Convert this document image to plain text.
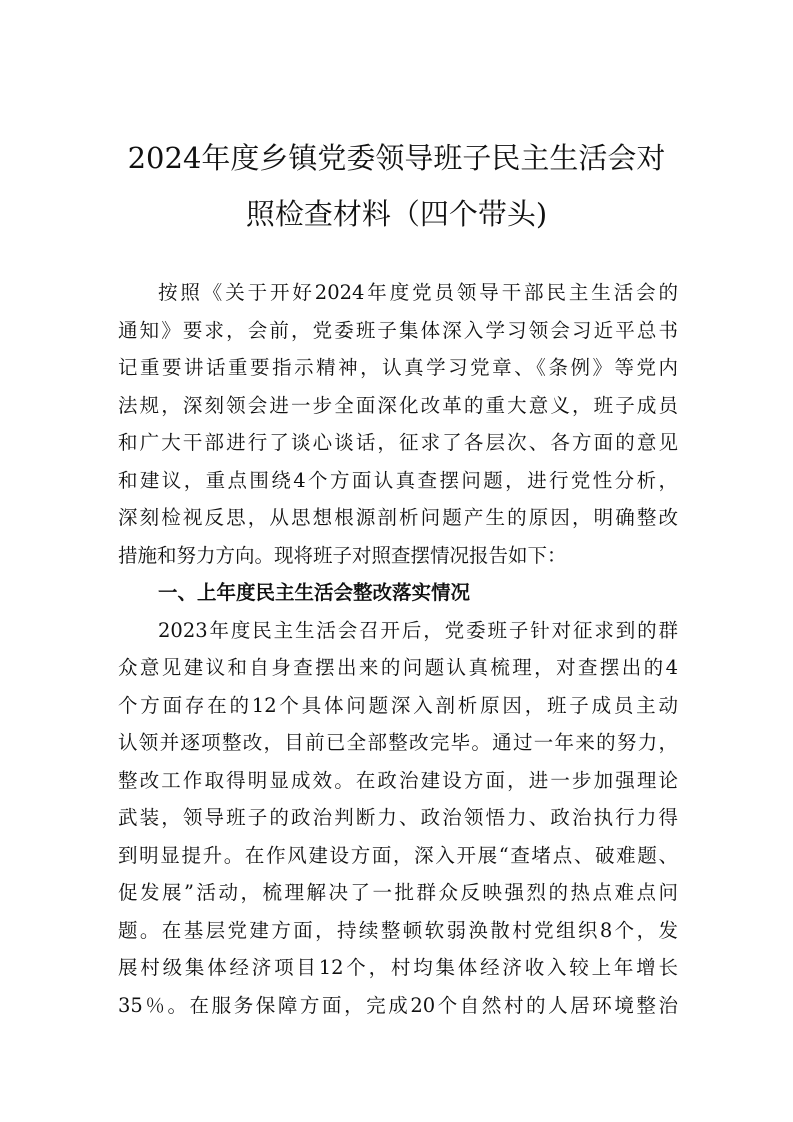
2024年度乡镇党委领导班子民主生活会对
照检查材料（四个带头)
按照《关于开好2024年度党员领导干部民主生活会的
通知》要求，会前，党委班子集体深入学习领会习近平总书
记重要讲话重要指示精神，认真学习党章、《条例》等党内
法规，深刻领会进一步全面深化改革的重大意义，班子成员
和广大干部进行了谈心谈话，征求了各层次、各方面的意见
和建议，重点围绕4个方面认真查摆问题，进行党性分析，
深刻检视反思，从思想根源剖析问题产生的原因，明确整改
措施和努力方向。现将班子对照查摆情况报告如下：
一、上年度民主生活会整改落实情况
2023年度民主生活会召开后，党委班子针对征求到的群
众意见建议和自身查摆出来的问题认真梳理，对查摆出的4
个方面存在的12个具体问题深入剖析原因，班子成员主动
认领并逐项整改，目前已全部整改完毕。通过一年来的努力，
整改工作取得明显成效。在政治建设方面，进一步加强理论
武装，领导班子的政治判断力、政治领悟力、政治执行力得
到明显提升。在作风建设方面，深入开展“查堵点、破难题、
促发展”活动，梳理解决了一批群众反映强烈的热点难点问
题。在基层党建方面，持续整顿软弱涣散村党组织8个，发
展村级集体经济项目12个，村均集体经济收入较上年增长
35％。在服务保障方面，完成20个自然村的人居环境整治
